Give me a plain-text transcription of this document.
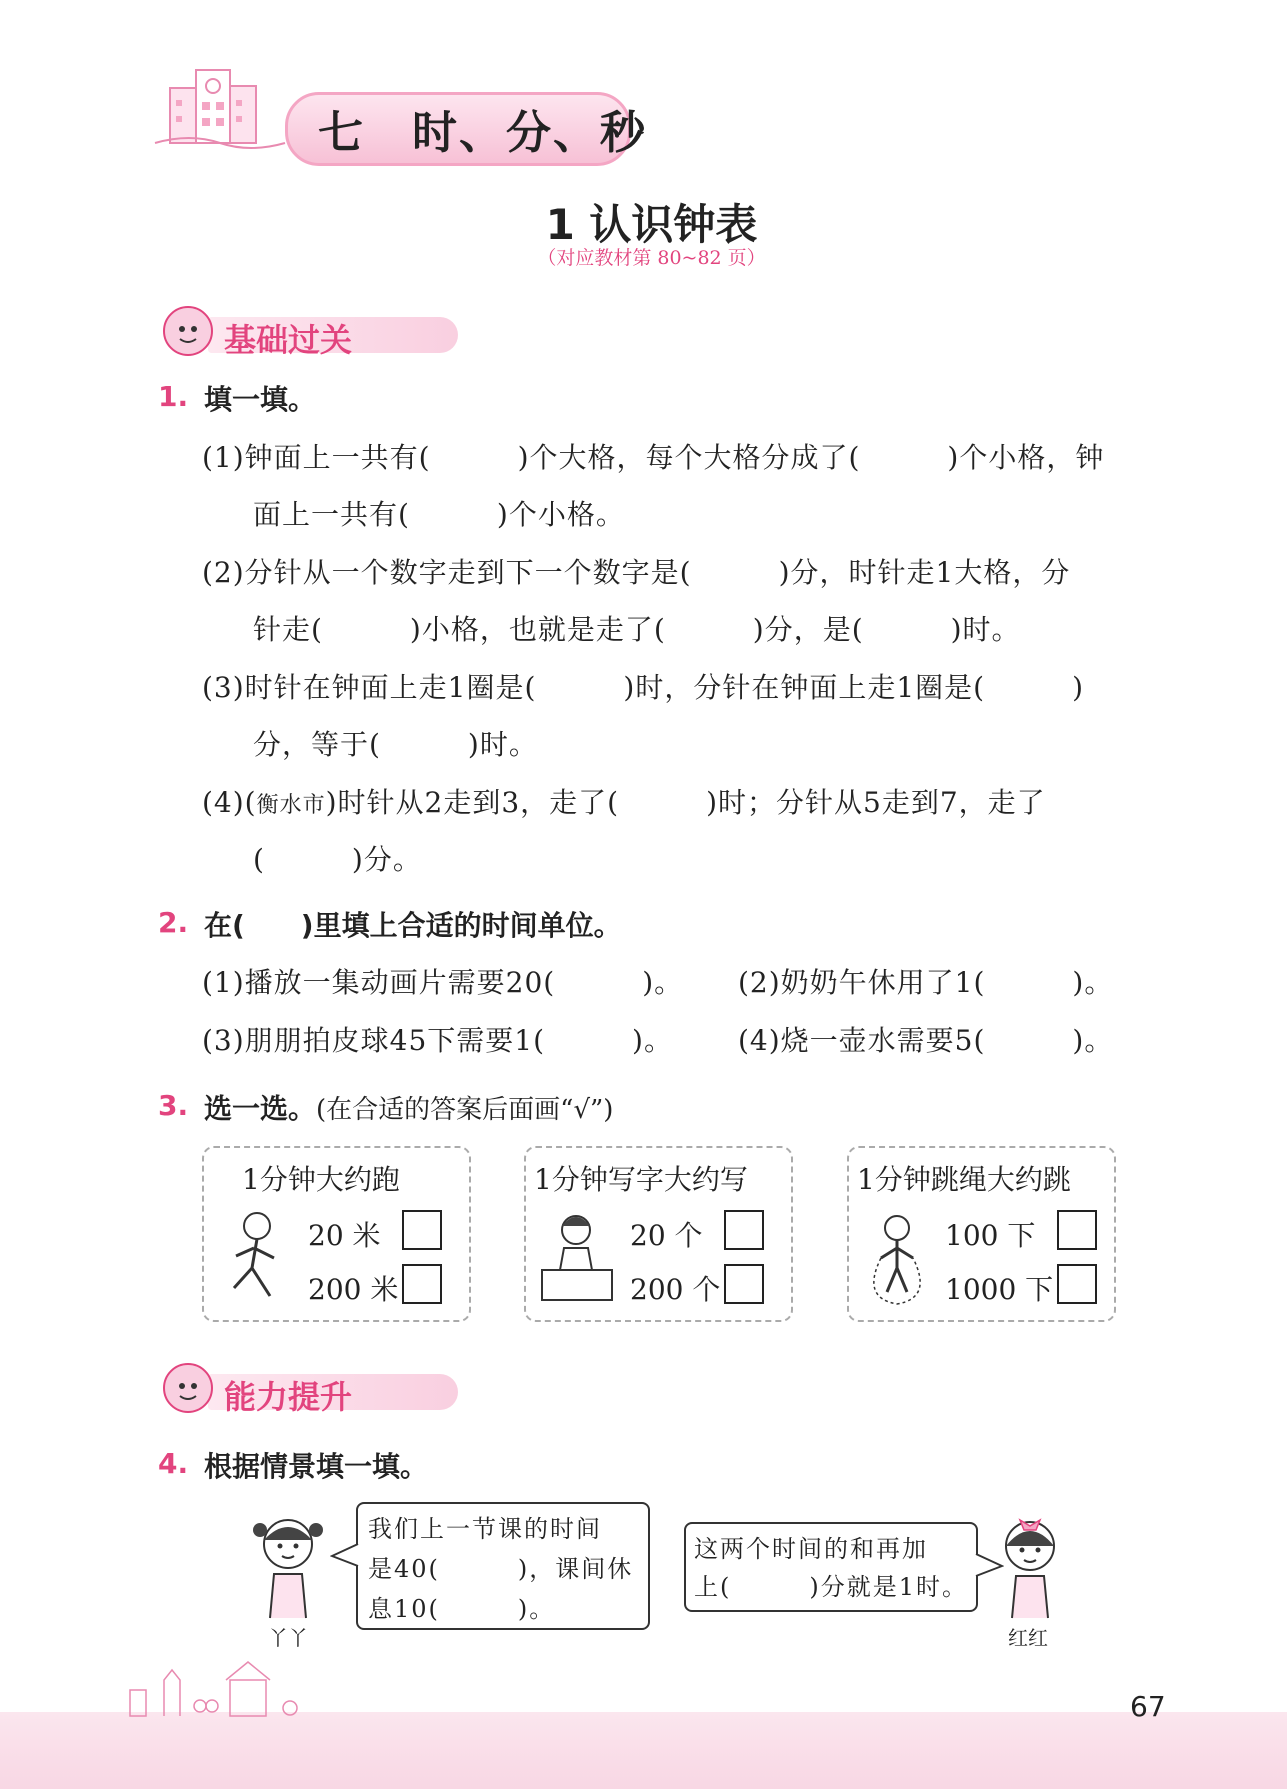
七　时、分、秒
1 认识钟表
（对应教材第 80~82 页）
基础过关
1. 填一填。
(1)钟面上一共有(　　　)个大格，每个大格分成了(　　　)个小格，钟
面上一共有(　　　)个小格。
(2)分针从一个数字走到下一个数字是(　　　)分，时针走1大格，分
针走(　　　)小格，也就是走了(　　　)分，是(　　　)时。
(3)时针在钟面上走1圈是(　　　)时，分针在钟面上走1圈是(　　　)
分，等于(　　　)时。
(4)(衡水市)时针从2走到3，走了(　　　)时；分针从5走到7，走了
(　　　)分。
2. 在(　　)里填上合适的时间单位。
(1)播放一集动画片需要20(　　　)。 (2)奶奶午休用了1(　　　)。
(3)朋朋拍皮球45下需要1(　　　)。 (4)烧一壶水需要5(　　　)。
3. 选一选。(在合适的答案后面画“√”)
1分钟大约跑
20 米
200 米
1分钟写字大约写
20 个
200 个
1分钟跳绳大约跳
100 下
1000 下
能力提升
4. 根据情景填一填。
丫丫
我们上一节课的时间
是40(　　　)，课间休
息10(　　　)。
这两个时间的和再加
上(　　　)分就是1时。
红红
67
